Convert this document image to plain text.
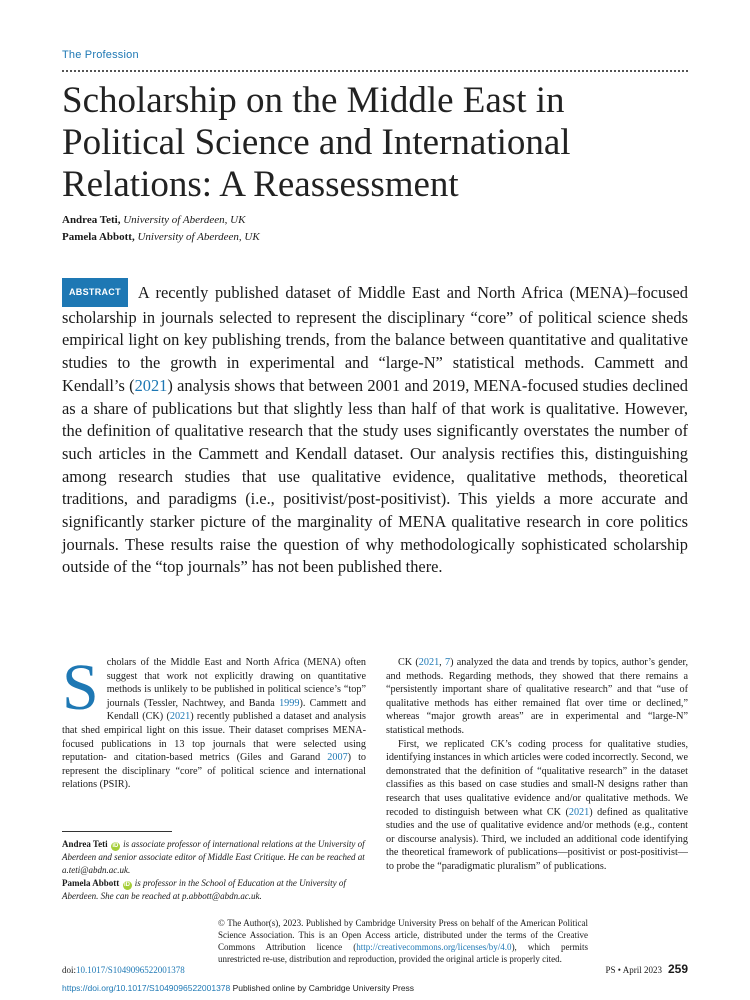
The Profession
Scholarship on the Middle East in Political Science and International Relations: A Reassessment
Andrea Teti, University of Aberdeen, UK
Pamela Abbott, University of Aberdeen, UK
ABSTRACT A recently published dataset of Middle East and North Africa (MENA)–focused scholarship in journals selected to represent the disciplinary “core” of political science sheds empirical light on key publishing trends, from the balance between quantitative and qualitative studies to the growth in experimental and “large-N” statistical methods. Cammett and Kendall’s (2021) analysis shows that between 2001 and 2019, MENA-focused studies declined as a share of publications but that slightly less than half of that work is qualitative. However, the definition of qualitative research that the study uses significantly overstates the number of such articles in the Cammett and Kendall dataset. Our analysis rectifies this, distinguishing among research studies that use qualitative evidence, qualitative methods, theoretical traditions, and paradigms (i.e., positivist/post-positivist). This yields a more accurate and significantly starker picture of the marginality of MENA qualitative research in core politics journals. These results raise the question of why methodologically sophisticated scholarship outside of the “top journals” has not been published there.

Scholars of the Middle East and North Africa (MENA) often suggest that work not explicitly drawing on quantitative methods is unlikely to be published in political science’s “top” journals (Tessler, Nachtwey, and Banda 1999). Cammett and Kendall (CK) (2021) recently published a dataset and analysis that shed empirical light on this issue. Their dataset comprises MENA-focused publications in 13 top journals that were selected using reputation- and citation-based metrics (Giles and Garand 2007) to represent the disciplinary “core” of political science and international relations (PSIR).

CK (2021, 7) analyzed the data and trends by topics, author’s gender, and methods. Regarding methods, they showed that there remains a “persistently important share of qualitative research” and that “use of qualitative methods has either remained flat over time or declined,” whereas “major growth areas” are in experimental and “large-N” statistical methods.

First, we replicated CK’s coding process for qualitative studies, identifying instances in which articles were coded incorrectly. Second, we demonstrated that the definition of “qualitative research” in the dataset classifies as this based on case studies and small-N designs rather than research that uses qualitative evidence and/or qualitative methods. We recoded to distinguish between what CK (2021) defined as qualitative studies and the use of qualitative evidence and/or methods (e.g., content or discourse analysis). Third, we included an additional code identifying the theoretical framework of publications—positivist or post-positivist—to probe the “paradigmatic pluralism” of publications.

Andrea Teti iD is associate professor of international relations at the University of Aberdeen and senior associate editor of Middle East Critique. He can be reached at a.teti@abdn.ac.uk.
Pamela Abbott iD is professor in the School of Education at the University of Aberdeen. She can be reached at p.abbott@abdn.ac.uk.
© The Author(s), 2023. Published by Cambridge University Press on behalf of the American Political Science Association. This is an Open Access article, distributed under the terms of the Creative Commons Attribution licence (http://creativecommons.org/licenses/by/4.0), which permits unrestricted re-use, distribution and reproduction, provided the original article is properly cited.
doi:10.1017/S1049096522001378	PS • April 2023 259
https://doi.org/10.1017/S1049096522001378 Published online by Cambridge University Press
